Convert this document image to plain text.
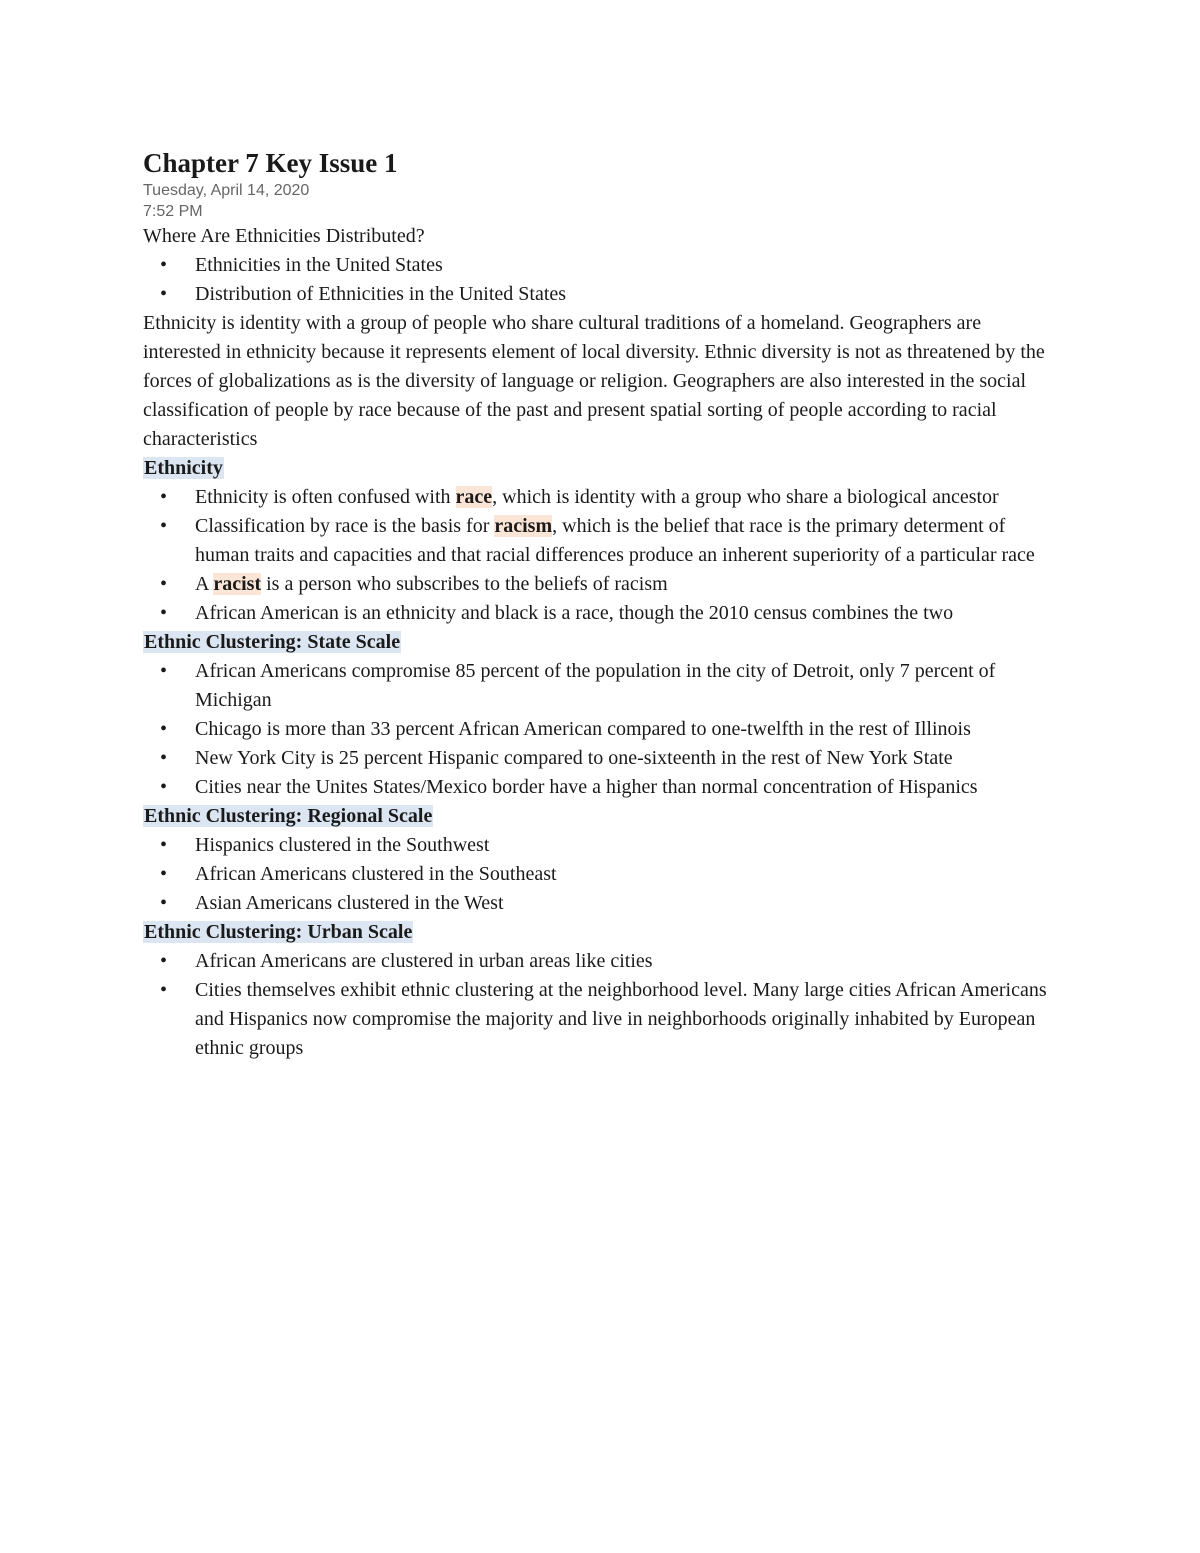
Chapter 7 Key Issue 1
Tuesday, April 14, 2020
7:52 PM
Where Are Ethnicities Distributed?
• Ethnicities in the United States
• Distribution of Ethnicities in the United States

Ethnicity is identity with a group of people who share cultural traditions of a homeland. Geographers are interested in ethnicity because it represents element of local diversity. Ethnic diversity is not as threatened by the forces of globalizations as is the diversity of language or religion. Geographers are also interested in the social classification of people by race because of the past and present spatial sorting of people according to racial characteristics

Ethnicity
• Ethnicity is often confused with race, which is identity with a group who share a biological ancestor
• Classification by race is the basis for racism, which is the belief that race is the primary determent of human traits and capacities and that racial differences produce an inherent superiority of a particular race
• A racist is a person who subscribes to the beliefs of racism
• African American is an ethnicity and black is a race, though the 2010 census combines the two
Ethnic Clustering: State Scale
• African Americans compromise 85 percent of the population in the city of Detroit, only 7 percent of Michigan
• Chicago is more than 33 percent African American compared to one-twelfth in the rest of Illinois
• New York City is 25 percent Hispanic compared to one-sixteenth in the rest of New York State
• Cities near the Unites States/Mexico border have a higher than normal concentration of Hispanics
Ethnic Clustering: Regional Scale
• Hispanics clustered in the Southwest
• African Americans clustered in the Southeast
• Asian Americans clustered in the West
Ethnic Clustering: Urban Scale
• African Americans are clustered in urban areas like cities
• Cities themselves exhibit ethnic clustering at the neighborhood level. Many large cities African Americans and Hispanics now compromise the majority and live in neighborhoods originally inhabited by European ethnic groups
